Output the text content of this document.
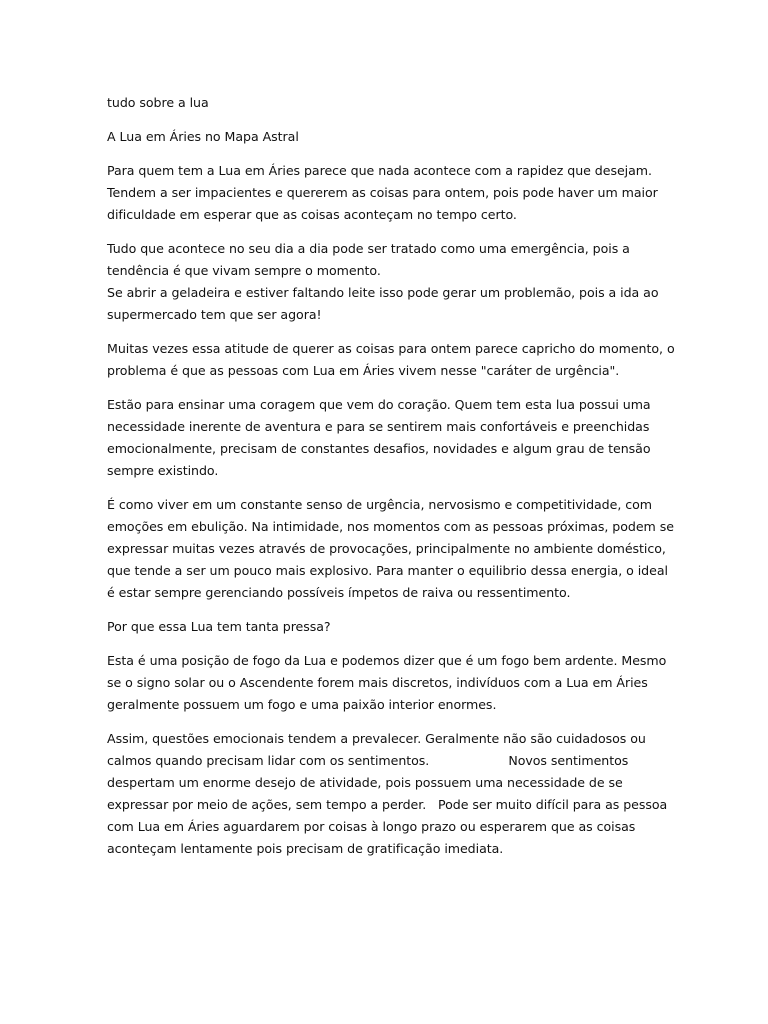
tudo sobre a lua

A Lua em Áries no Mapa Astral

Para quem tem a Lua em Áries parece que nada acontece com a rapidez que desejam.
Tendem a ser impacientes e quererem as coisas para ontem, pois pode haver um maior
dificuldade em esperar que as coisas aconteçam no tempo certo.

Tudo que acontece no seu dia a dia pode ser tratado como uma emergência, pois a
tendência é que vivam sempre o momento.
Se abrir a geladeira e estiver faltando leite isso pode gerar um problemão, pois a ida ao
supermercado tem que ser agora!

Muitas vezes essa atitude de querer as coisas para ontem parece capricho do momento, o
problema é que as pessoas com Lua em Áries vivem nesse "caráter de urgência".

Estão para ensinar uma coragem que vem do coração. Quem tem esta lua possui uma
necessidade inerente de aventura e para se sentirem mais confortáveis e preenchidas
emocionalmente, precisam de constantes desafios, novidades e algum grau de tensão
sempre existindo.

É como viver em um constante senso de urgência, nervosismo e competitividade, com
emoções em ebulição. Na intimidade, nos momentos com as pessoas próximas, podem se
expressar muitas vezes através de provocações, principalmente no ambiente doméstico,
que tende a ser um pouco mais explosivo. Para manter o equilibrio dessa energia, o ideal
é estar sempre gerenciando possíveis ímpetos de raiva ou ressentimento.

Por que essa Lua tem tanta pressa?

Esta é uma posição de fogo da Lua e podemos dizer que é um fogo bem ardente. Mesmo
se o signo solar ou o Ascendente forem mais discretos, indivíduos com a Lua em Áries
geralmente possuem um fogo e uma paixão interior enormes.

Assim, questões emocionais tendem a prevalecer. Geralmente não são cuidadosos ou
calmos quando precisam lidar com os sentimentos.                    Novos sentimentos
despertam um enorme desejo de atividade, pois possuem uma necessidade de se
expressar por meio de ações, sem tempo a perder.   Pode ser muito difícil para as pessoa
com Lua em Áries aguardarem por coisas à longo prazo ou esperarem que as coisas
aconteçam lentamente pois precisam de gratificação imediata.
